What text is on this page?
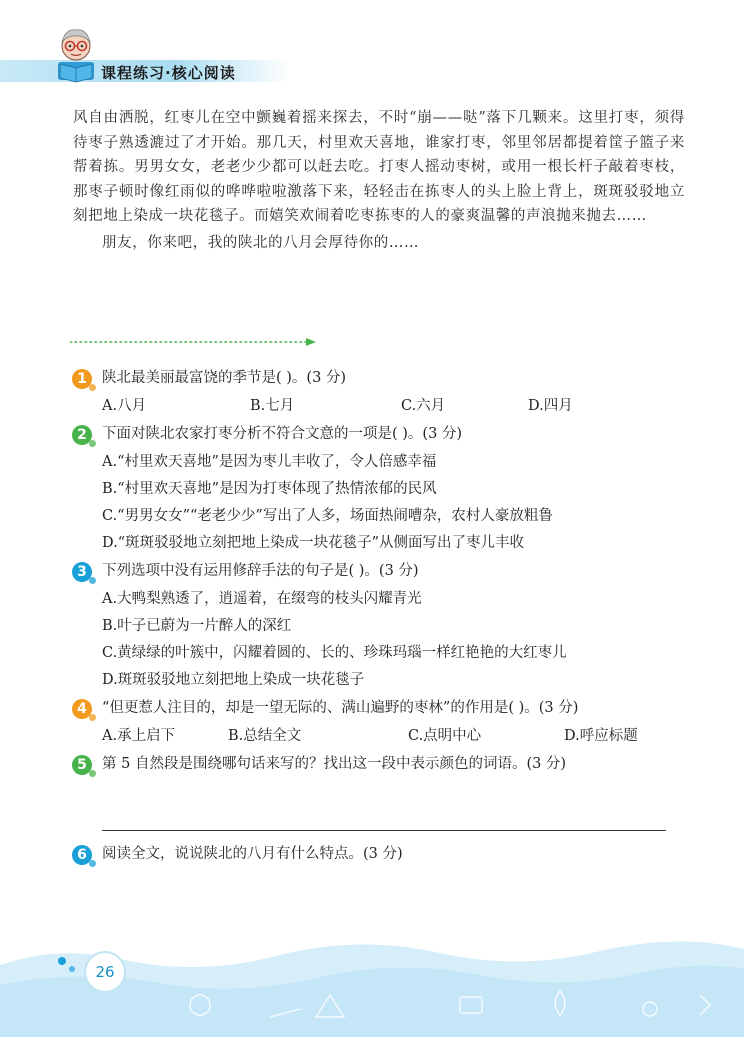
课程练习·核心阅读

风自由洒脱，红枣儿在空中颤巍着摇来探去，不时“崩——哒”落下几颗来。这里打枣，须得待枣子熟透漉过了才开始。那几天，村里欢天喜地，谁家打枣，邻里邻居都提着筐子篮子来帮着拣。男男女女，老老少少都可以赶去吃。打枣人摇动枣树，或用一根长杆子敲着枣枝，那枣子顿时像红雨似的哗哗啦啦激落下来，轻轻击在拣枣人的头上脸上背上，斑斑驳驳地立刻把地上染成一块花毯子。而嬉笑欢闹着吃枣拣枣的人的豪爽温馨的声浪抛来抛去……

朋友，你来吧，我的陕北的八月会厚待你的……

1	陕北最美丽最富饶的季节是( )。(3 分)
A.八月	B.七月	C.六月	D.四月
2	下面对陕北农家打枣分析不符合文意的一项是( )。(3 分)
A.“村里欢天喜地”是因为枣儿丰收了，令人倍感幸福
B.“村里欢天喜地”是因为打枣体现了热情浓郁的民风
C.“男男女女”“老老少少”写出了人多，场面热闹嘈杂，农村人豪放粗鲁
D.“斑斑驳驳地立刻把地上染成一块花毯子”从侧面写出了枣儿丰收
3	下列选项中没有运用修辞手法的句子是( )。(3 分)
A.大鸭梨熟透了，逍遥着，在缀弯的枝头闪耀青光
B.叶子已蔚为一片醉人的深红
C.黄绿绿的叶簇中，闪耀着圆的、长的、珍珠玛瑙一样红艳艳的大红枣儿
D.斑斑驳驳地立刻把地上染成一块花毯子
4	“但更惹人注目的，却是一望无际的、满山遍野的枣林”的作用是( )。(3 分)
A.承上启下	B.总结全文	C.点明中心	D.呼应标题
5	第 5 自然段是围绕哪句话来写的？找出这一段中表示颜色的词语。(3 分)
6	阅读全文，说说陕北的八月有什么特点。(3 分)
26
